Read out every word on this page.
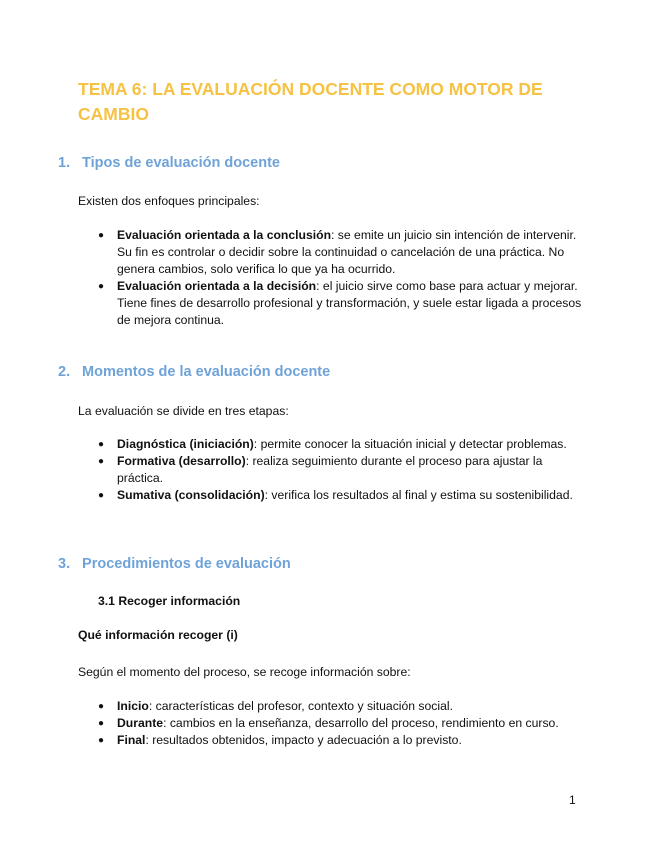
TEMA 6: LA EVALUACIÓN DOCENTE COMO MOTOR DE CAMBIO
1. Tipos de evaluación docente

Existen dos enfoques principales:

● Evaluación orientada a la conclusión: se emite un juicio sin intención de intervenir. Su fin es controlar o decidir sobre la continuidad o cancelación de una práctica. No genera cambios, solo verifica lo que ya ha ocurrido.
● Evaluación orientada a la decisión: el juicio sirve como base para actuar y mejorar. Tiene fines de desarrollo profesional y transformación, y suele estar ligada a procesos de mejora continua.
2. Momentos de la evaluación docente

La evaluación se divide en tres etapas:

● Diagnóstica (iniciación): permite conocer la situación inicial y detectar problemas.
● Formativa (desarrollo): realiza seguimiento durante el proceso para ajustar la práctica.
● Sumativa (consolidación): verifica los resultados al final y estima su sostenibilidad.
3. Procedimientos de evaluación
3.1 Recoger información
Qué información recoger (i)

Según el momento del proceso, se recoge información sobre:

● Inicio: características del profesor, contexto y situación social.
● Durante: cambios en la enseñanza, desarrollo del proceso, rendimiento en curso.
● Final: resultados obtenidos, impacto y adecuación a lo previsto.
1
